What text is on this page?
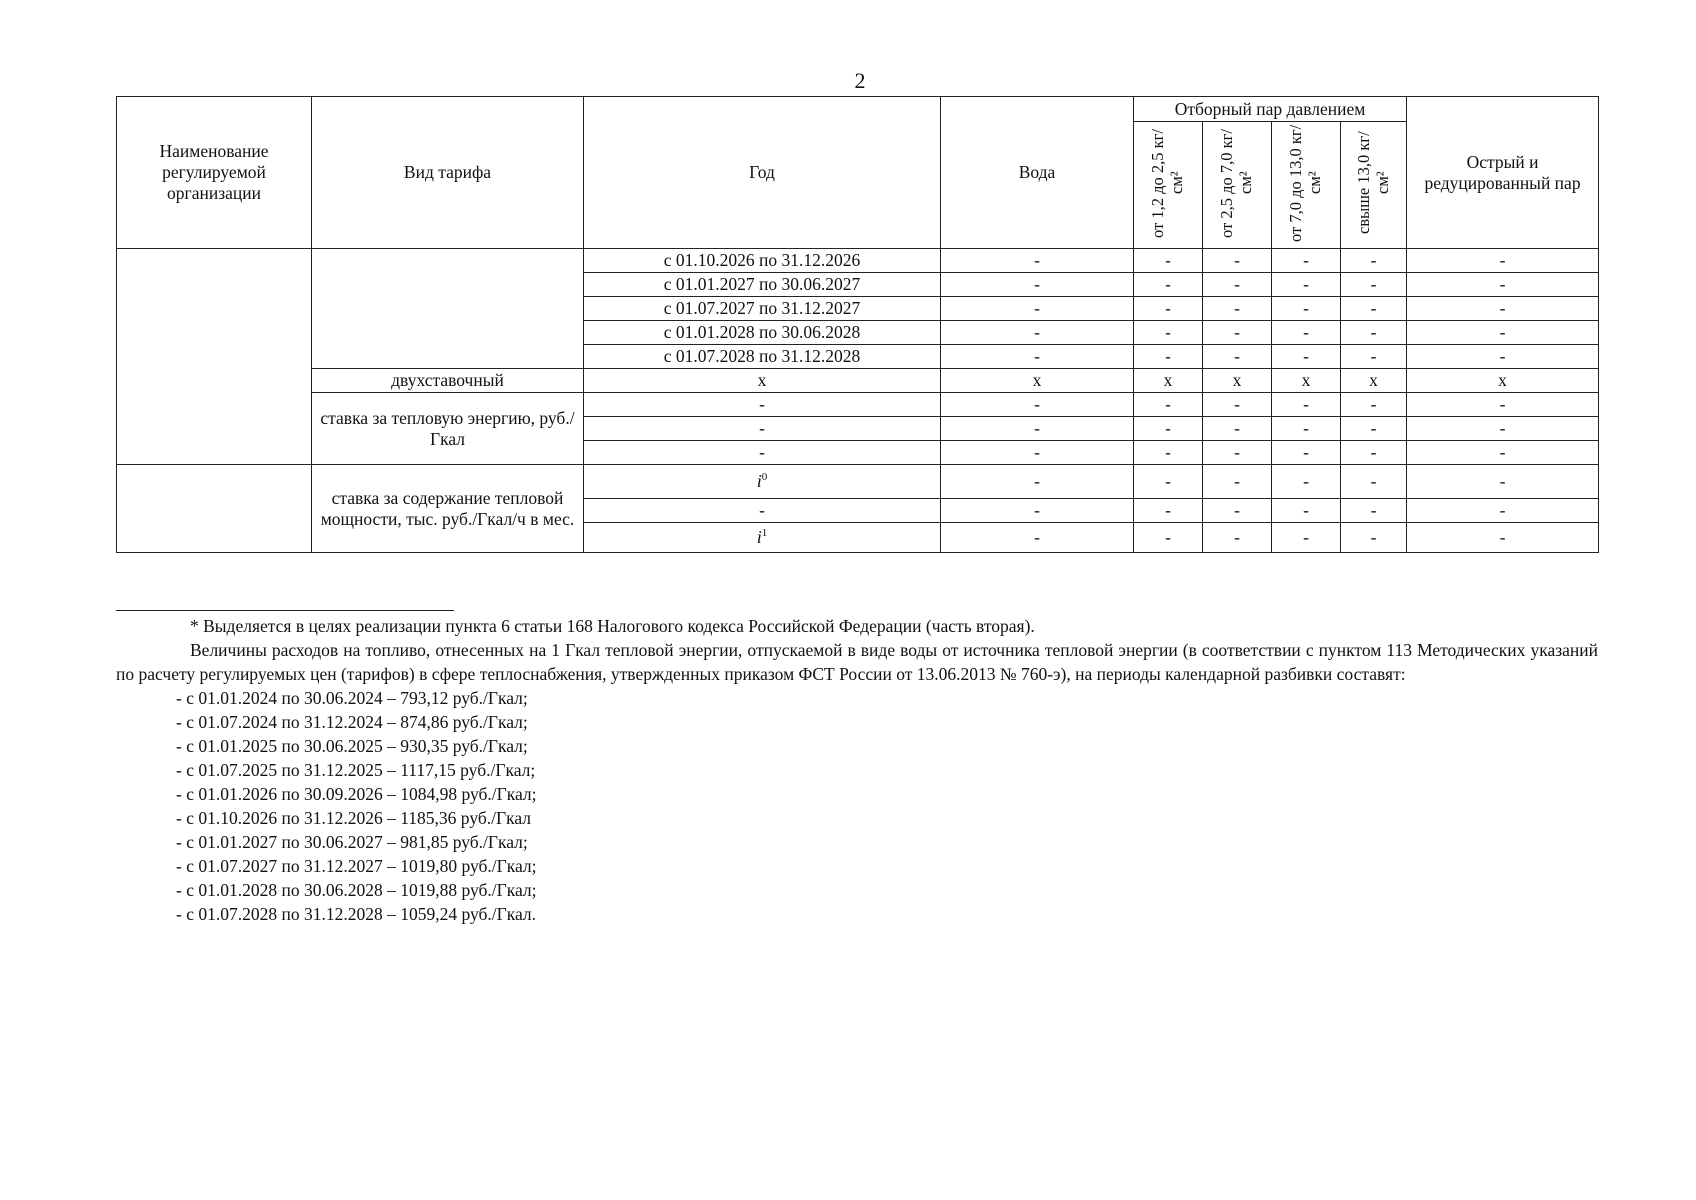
2
Наименование регулируемой организации	Вид тарифа	Год	Вода	Отборный пар давлением				Острый и редуцированный пар
				от 1,2 до 2,5 кг/см²	от 2,5 до 7,0 кг/см²	от 7,0 до 13,0 кг/см²	свыше 13,0 кг/см²	
		с 01.10.2026 по 31.12.2026	-	-	-	-	-	-
		с 01.01.2027 по 30.06.2027	-	-	-	-	-	-
		с 01.07.2027 по 31.12.2027	-	-	-	-	-	-
		с 01.01.2028 по 30.06.2028	-	-	-	-	-	-
		с 01.07.2028 по 31.12.2028	-	-	-	-	-	-
	двухставочный	х	х	х	х	х	х	х
	ставка за тепловую энергию, руб./Гкал	-	-	-	-	-	-	-
		-	-	-	-	-	-	-
		-	-	-	-	-	-	-
	ставка за содержание тепловой мощности, тыс. руб./Гкал/ч в мес.	$i^0$	-	-	-	-	-	-
		-	-	-	-	-	-	-
		$i^1$	-	-	-	-	-	-

* Выделяется в целях реализации пункта 6 статьи 168 Налогового кодекса Российской Федерации (часть вторая).

Величины расходов на топливо, отнесенных на 1 Гкал тепловой энергии, отпускаемой в виде воды от источника тепловой энергии (в соответствии с пунктом 113 Методических указаний по расчету регулируемых цен (тарифов) в сфере теплоснабжения, утвержденных приказом ФСТ России от 13.06.2013 № 760-э), на периоды календарной разбивки составят:

- с 01.01.2024 по 30.06.2024 – 793,12 руб./Гкал;
- с 01.07.2024 по 31.12.2024 – 874,86 руб./Гкал;
- с 01.01.2025 по 30.06.2025 – 930,35 руб./Гкал;
- с 01.07.2025 по 31.12.2025 – 1117,15 руб./Гкал;
- с 01.01.2026 по 30.09.2026 – 1084,98 руб./Гкал;
- с 01.10.2026 по 31.12.2026 – 1185,36 руб./Гкал
- с 01.01.2027 по 30.06.2027 – 981,85 руб./Гкал;
- с 01.07.2027 по 31.12.2027 – 1019,80 руб./Гкал;
- с 01.01.2028 по 30.06.2028 – 1019,88 руб./Гкал;
- с 01.07.2028 по 31.12.2028 – 1059,24 руб./Гкал.
